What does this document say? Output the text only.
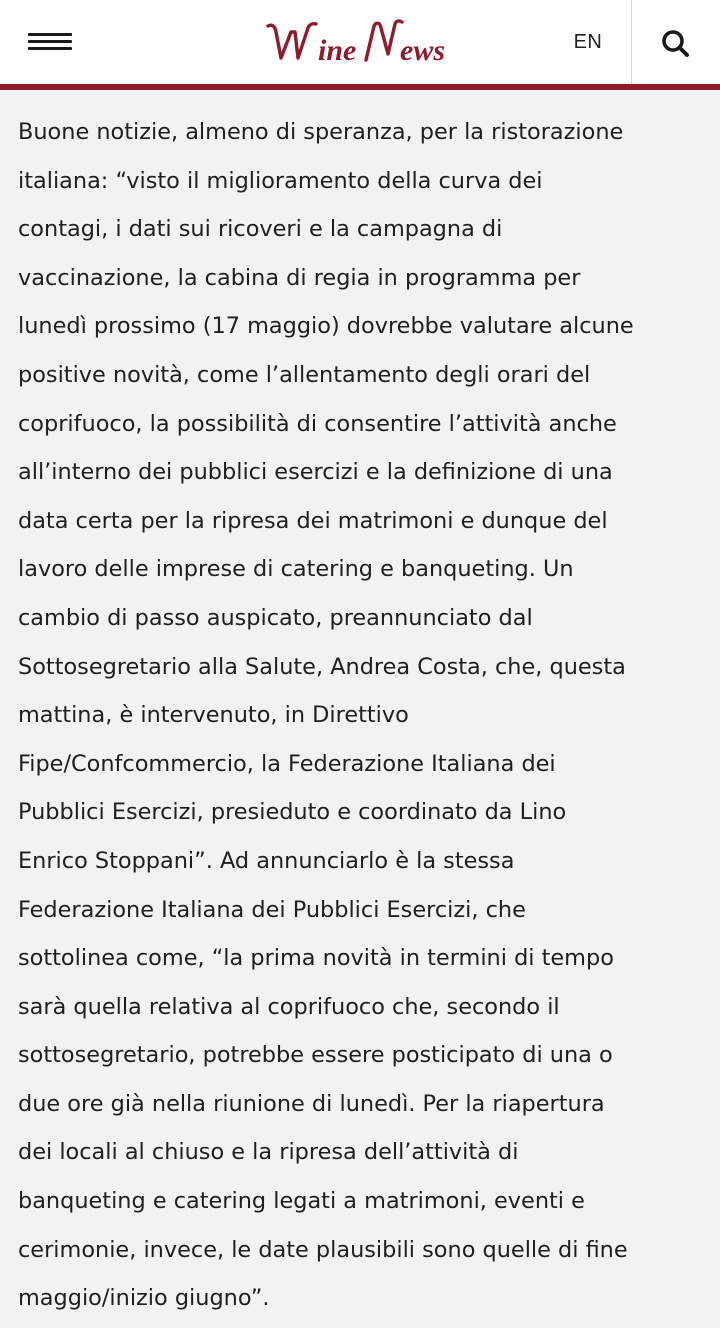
ine ews	EN

Buone notizie, almeno di speranza, per la ristorazione
italiana: “visto il miglioramento della curva dei
contagi, i dati sui ricoveri e la campagna di
vaccinazione, la cabina di regia in programma per
lunedì prossimo (17 maggio) dovrebbe valutare alcune
positive novità, come l’allentamento degli orari del
coprifuoco, la possibilità di consentire l’attività anche
all’interno dei pubblici esercizi e la definizione di una
data certa per la ripresa dei matrimoni e dunque del
lavoro delle imprese di catering e banqueting. Un
cambio di passo auspicato, preannunciato dal
Sottosegretario alla Salute, Andrea Costa, che, questa
mattina, è intervenuto, in Direttivo
Fipe/Confcommercio, la Federazione Italiana dei
Pubblici Esercizi, presieduto e coordinato da Lino
Enrico Stoppani”. Ad annunciarlo è la stessa
Federazione Italiana dei Pubblici Esercizi, che
sottolinea come, “la prima novità in termini di tempo
sarà quella relativa al coprifuoco che, secondo il
sottosegretario, potrebbe essere posticipato di una o
due ore già nella riunione di lunedì. Per la riapertura
dei locali al chiuso e la ripresa dell’attività di
banqueting e catering legati a matrimoni, eventi e
cerimonie, invece, le date plausibili sono quelle di fine
maggio/inizio giugno”.
